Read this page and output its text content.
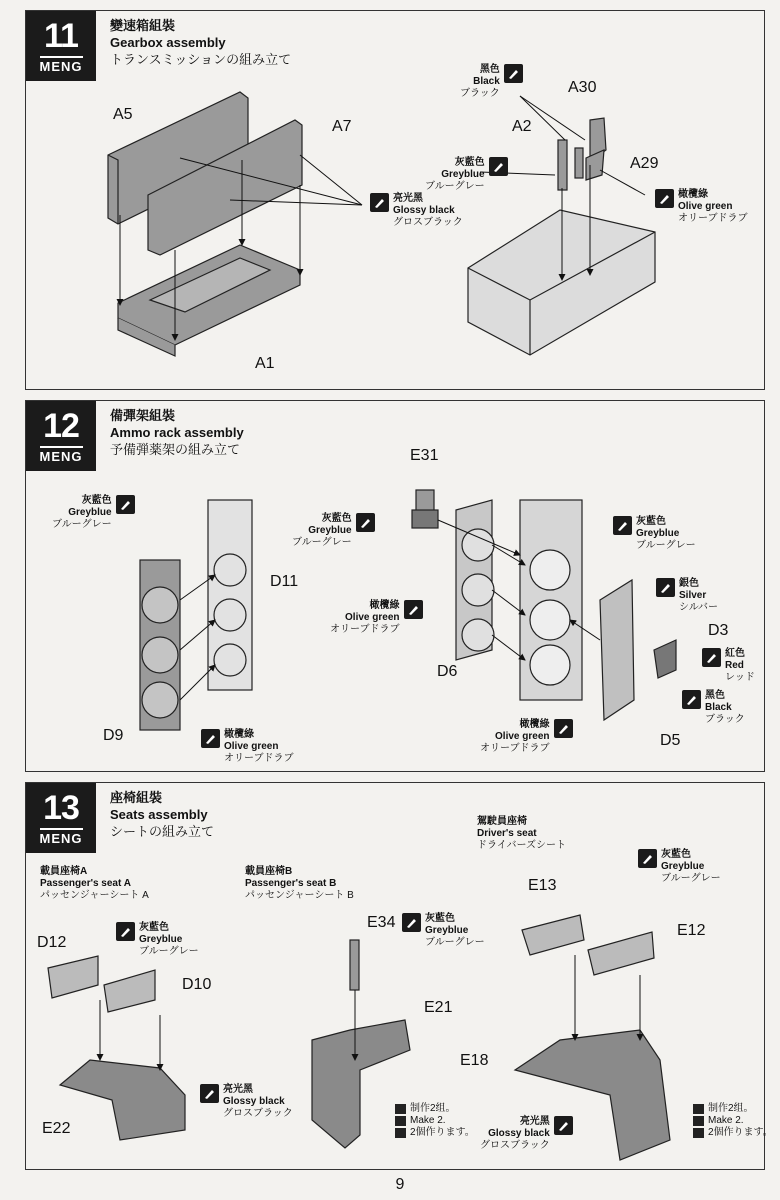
11
MENG
變速箱組裝
Gearbox assembly
トランスミッションの組み立て
12
MENG
備彈架組裝
Ammo rack assembly
予備弾薬架の組み立て
13
MENG
座椅組裝
Seats assembly
シートの組み立て
A5
A7
A1
A30
A2
A29
D11
D9
E31
D6
D3
D5
D12
D10
E22
E34
E21
E13
E12
E18
亮光黑
Glossy black
グロスブラック
黑色
Black
ブラック
灰藍色
Greyblue
ブルーグレー
橄欖綠
Olive green
オリーブドラブ
灰藍色
Greyblue
ブルーグレー
橄欖綠
Olive green
オリーブドラブ
灰藍色
Greyblue
ブルーグレー
橄欖綠
Olive green
オリーブドラブ
灰藍色
Greyblue
ブルーグレー
銀色
Silver
シルバー
紅色
Red
レッド
黑色
Black
ブラック
橄欖綠
Olive green
オリーブドラブ
載員座椅A
Passenger's seat A
パッセンジャーシート A
載員座椅B
Passenger's seat B
パッセンジャーシート B
駕駛員座椅
Driver's seat
ドライバーズシート
灰藍色
Greyblue
ブルーグレー
亮光黑
Glossy black
グロスブラック
灰藍色
Greyblue
ブルーグレー
灰藍色
Greyblue
ブルーグレー
亮光黑
Glossy black
グロスブラック
制作2组。
Make 2.
2個作ります。
制作2组。
Make 2.
2個作ります。
9
